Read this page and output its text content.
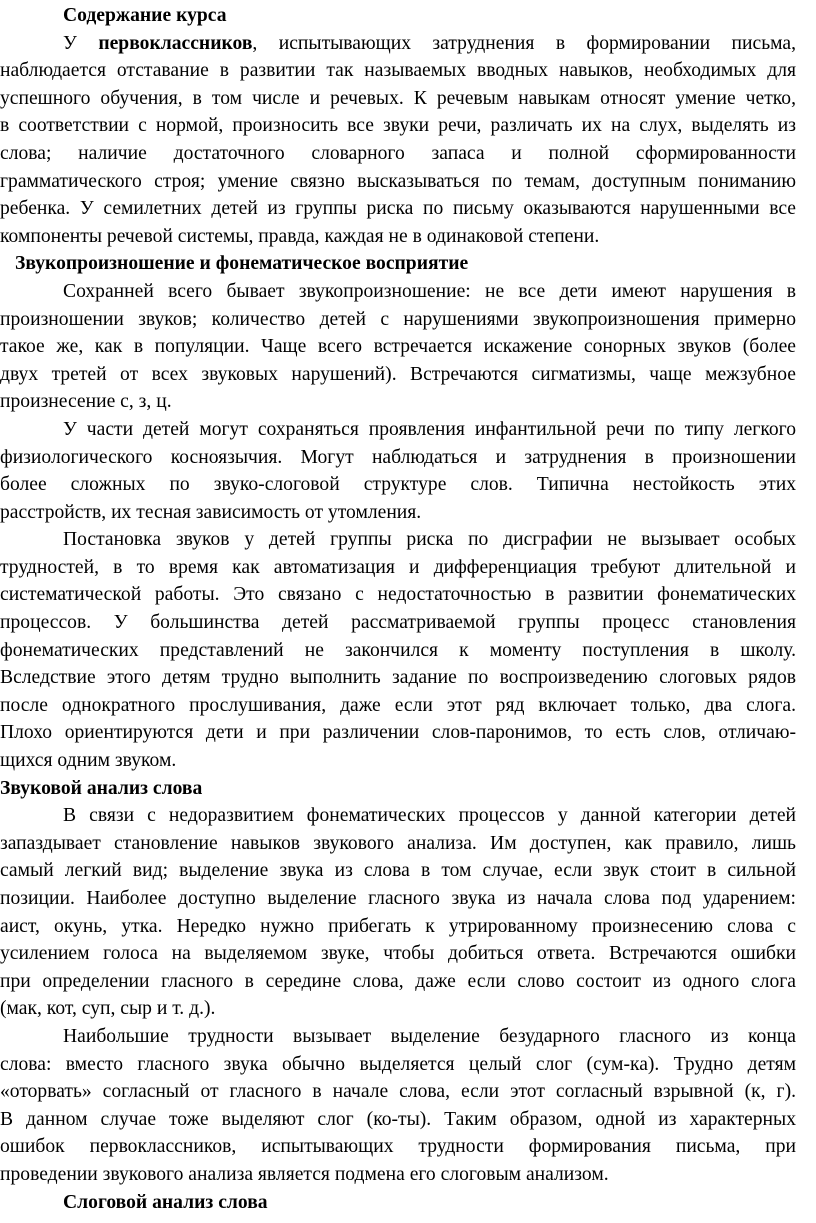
Содержание курса
У первоклассников, испытывающих затруднения в формировании письма,
наблюдается отставание в развитии так называемых вводных навыков, необходимых для
успешного обучения, в том числе и речевых. К речевым навыкам относят умение четко,
в соответствии с нормой, произносить все звуки речи, различать их на слух, выделять из
слова; наличие достаточного словарного запаса и полной сформированности
грамматического строя; умение связно высказываться по темам, доступным пониманию
ребенка. У семилетних детей из группы риска по письму оказываются нарушенными все
компоненты речевой системы, правда, каждая не в одинаковой степени.
Звукопроизношение и фонематическое восприятие
Сохранней всего бывает звукопроизношение: не все дети имеют нарушения в
произношении звуков; количество детей с нарушениями звукопроизношения примерно
такое же, как в популяции. Чаще всего встречается искажение сонорных звуков (более
двух третей от всех звуковых нарушений). Встречаются сигматизмы, чаще межзубное
произнесение с, з, ц.
У части детей могут сохраняться проявления инфантильной речи по типу легкого
физиологического косноязычия. Могут наблюдаться и затруднения в произношении
более сложных по звуко-слоговой структуре слов. Типична нестойкость этих
расстройств, их тесная зависимость от утомления.
Постановка звуков у детей группы риска по дисграфии не вызывает особых
трудностей, в то время как автоматизация и дифференциация требуют длительной и
систематической работы. Это связано с недостаточностью в развитии фонематических
процессов. У большинства детей рассматриваемой группы процесс становления
фонематических представлений не закончился к моменту поступления в школу.
Вследствие этого детям трудно выполнить задание по воспроизведению слоговых рядов
после однократного прослушивания, даже если этот ряд включает только, два слога.
Плохо ориентируются дети и при различении слов-паронимов, то есть слов, отличаю-
щихся одним звуком.
Звуковой анализ слова
В связи с недоразвитием фонематических процессов у данной категории детей
запаздывает становление навыков звукового анализа. Им доступен, как правило, лишь
самый легкий вид; выделение звука из слова в том случае, если звук стоит в сильной
позиции. Наиболее доступно выделение гласного звука из начала слова под ударением:
аист, окунь, утка. Нередко нужно прибегать к утрированному произнесению слова с
усилением голоса на выделяемом звуке, чтобы добиться ответа. Встречаются ошибки
при определении гласного в середине слова, даже если слово состоит из одного слога
(мак, кот, суп, сыр и т. д.).
Наибольшие трудности вызывает выделение безударного гласного из конца
слова: вместо гласного звука обычно выделяется целый слог (сум-ка). Трудно детям
«оторвать» согласный от гласного в начале слова, если этот согласный взрывной (к, г).
В данном случае тоже выделяют слог (ко-ты). Таким образом, одной из характерных
ошибок первоклассников, испытывающих трудности формирования письма, при
проведении звукового анализа является подмена его слоговым анализом.
Слоговой анализ слова
